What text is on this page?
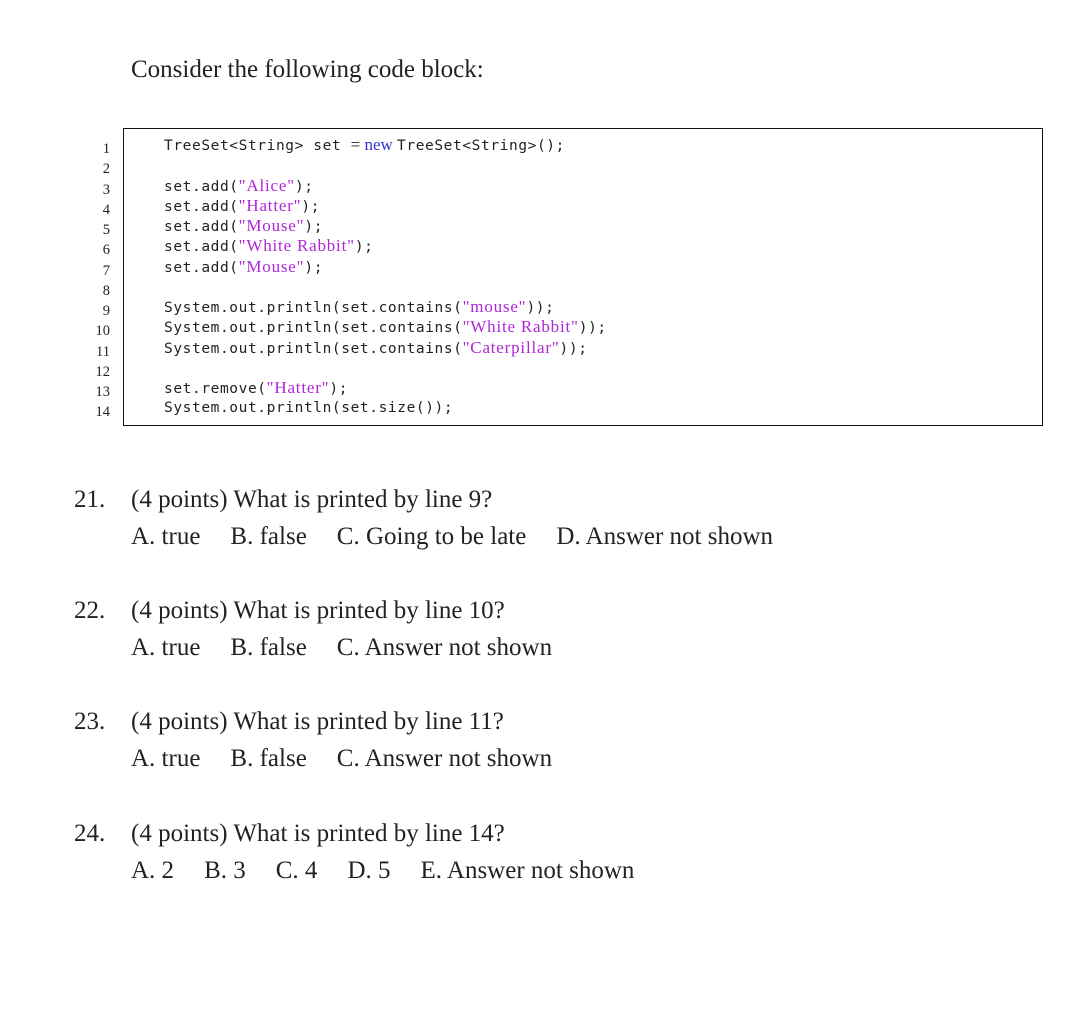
Consider the following code block:

1
2
3
4
5
6
7
8
9
10
11
12
13
14
TreeSet<String> set = new TreeSet<String>();

set.add("Alice");
set.add("Hatter");
set.add("Mouse");
set.add("White Rabbit");
set.add("Mouse");

System.out.println(set.contains("mouse"));
System.out.println(set.contains("White Rabbit"));
System.out.println(set.contains("Caterpillar"));

set.remove("Hatter");
System.out.println(set.size());
21. (4 points) What is printed by line 9?
A. true B. false C. Going to be late D. Answer not shown
22. (4 points) What is printed by line 10?
A. true B. false C. Answer not shown
23. (4 points) What is printed by line 11?
A. true B. false C. Answer not shown
24. (4 points) What is printed by line 14?
A. 2 B. 3 C. 4 D. 5 E. Answer not shown
